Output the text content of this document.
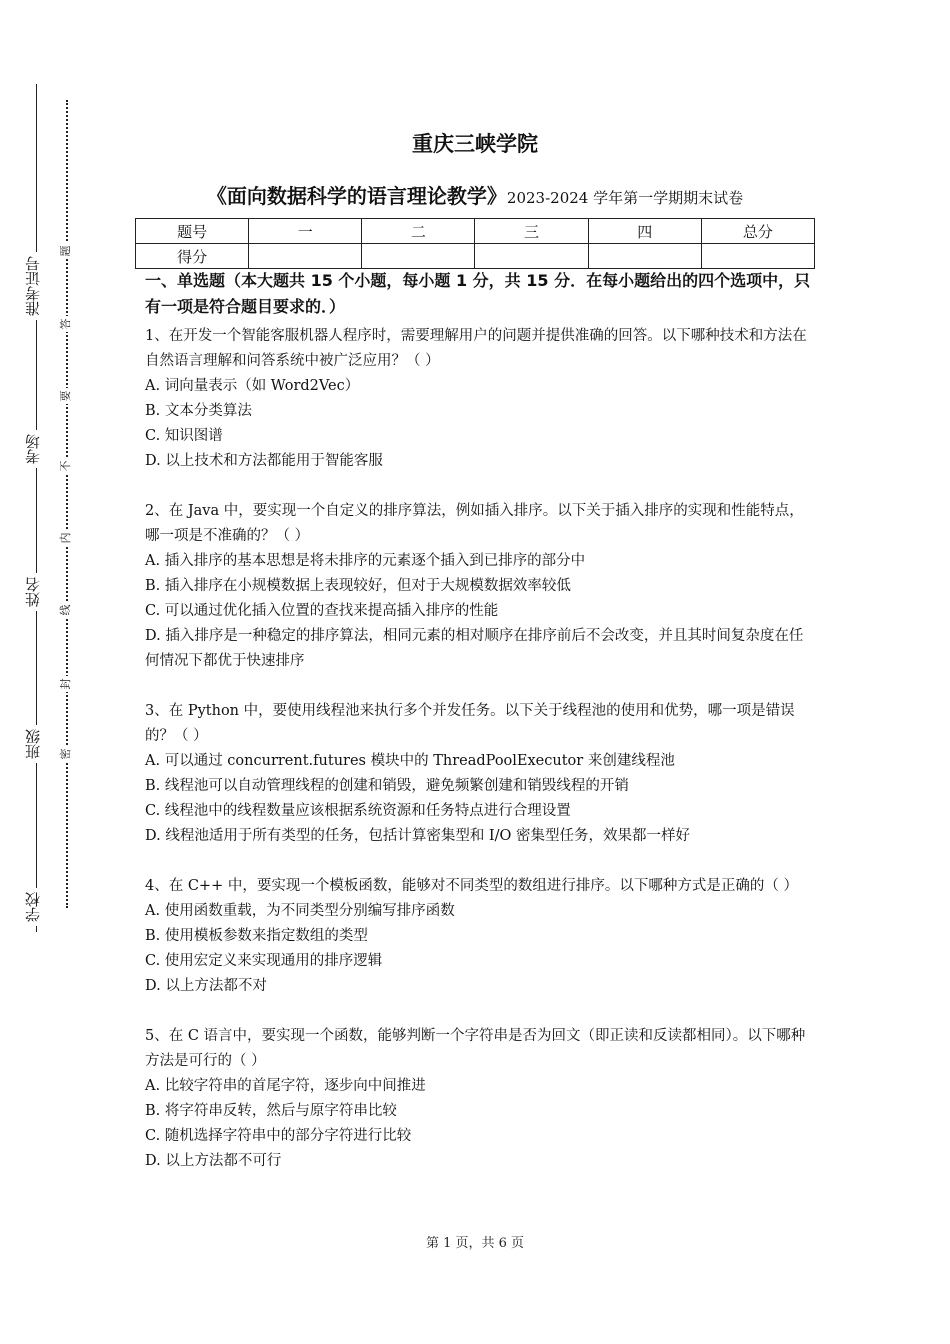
准考证号
考场
姓名
班级
学校
题
答
要
不
内
线
封
密
重庆三峡学院
《面向数据科学的语言理论教学》2023-2024 学年第一学期期末试卷
题号	一	二	三	四	总分
得分					

一、单选题（本大题共 15 个小题，每小题 1 分，共 15 分．在每小题给出的四个选项中，只有一项是符合题目要求的．）

1、在开发一个智能客服机器人程序时，需要理解用户的问题并提供准确的回答。以下哪种技术和方法在自然语言理解和问答系统中被广泛应用？（ ）

A. 词向量表示（如 Word2Vec）

B. 文本分类算法

C. 知识图谱

D. 以上技术和方法都能用于智能客服

2、在 Java 中，要实现一个自定义的排序算法，例如插入排序。以下关于插入排序的实现和性能特点，哪一项是不准确的？（ ）

A. 插入排序的基本思想是将未排序的元素逐个插入到已排序的部分中

B. 插入排序在小规模数据上表现较好，但对于大规模数据效率较低

C. 可以通过优化插入位置的查找来提高插入排序的性能

D. 插入排序是一种稳定的排序算法，相同元素的相对顺序在排序前后不会改变，并且其时间复杂度在任何情况下都优于快速排序

3、在 Python 中，要使用线程池来执行多个并发任务。以下关于线程池的使用和优势，哪一项是错误的？（ ）

A. 可以通过 concurrent.futures 模块中的 ThreadPoolExecutor 来创建线程池

B. 线程池可以自动管理线程的创建和销毁，避免频繁创建和销毁线程的开销

C. 线程池中的线程数量应该根据系统资源和任务特点进行合理设置

D. 线程池适用于所有类型的任务，包括计算密集型和 I/O 密集型任务，效果都一样好

4、在 C++ 中，要实现一个模板函数，能够对不同类型的数组进行排序。以下哪种方式是正确的（ ）

A. 使用函数重载，为不同类型分别编写排序函数

B. 使用模板参数来指定数组的类型

C. 使用宏定义来实现通用的排序逻辑

D. 以上方法都不对

5、在 C 语言中，要实现一个函数，能够判断一个字符串是否为回文（即正读和反读都相同）。以下哪种方法是可行的（ ）

A. 比较字符串的首尾字符，逐步向中间推进

B. 将字符串反转，然后与原字符串比较

C. 随机选择字符串中的部分字符进行比较

D. 以上方法都不可行

第 1 页，共 6 页
